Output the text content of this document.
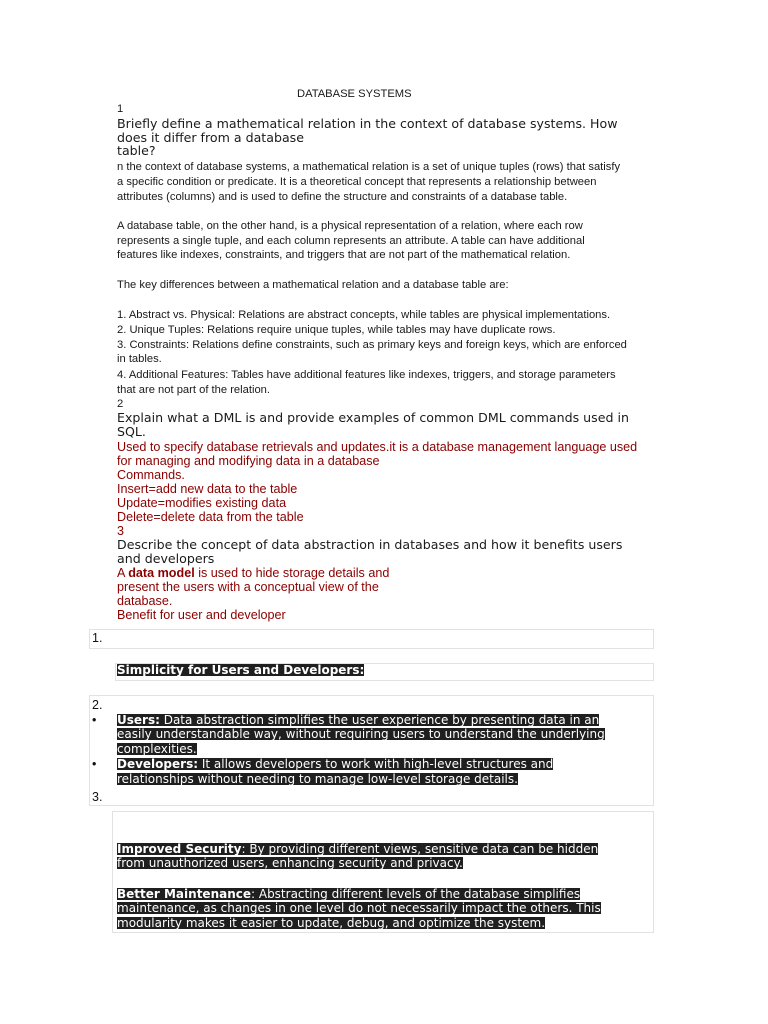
DATABASE SYSTEMS
1
Briefly define a mathematical relation in the context of database systems. How
does it differ from a database
table?
n the context of database systems, a mathematical relation is a set of unique tuples (rows) that satisfy
a specific condition or predicate. It is a theoretical concept that represents a relationship between
attributes (columns) and is used to define the structure and constraints of a database table.
A database table, on the other hand, is a physical representation of a relation, where each row
represents a single tuple, and each column represents an attribute. A table can have additional
features like indexes, constraints, and triggers that are not part of the mathematical relation.
The key differences between a mathematical relation and a database table are:
1. Abstract vs. Physical: Relations are abstract concepts, while tables are physical implementations.
2. Unique Tuples: Relations require unique tuples, while tables may have duplicate rows.
3. Constraints: Relations define constraints, such as primary keys and foreign keys, which are enforced
in tables.
4. Additional Features: Tables have additional features like indexes, triggers, and storage parameters
that are not part of the relation.
2
Explain what a DML is and provide examples of common DML commands used in
SQL.
Used to specify database retrievals and updates.it is a database management language used
for managing and modifying data in a database
Commands.
Insert=add new data to the table
Update=modifies existing data
Delete=delete data from the table
3
Describe the concept of data abstraction in databases and how it benefits users
and developers
A data model is used to hide storage details and
present the users with a conceptual view of the
database.
Benefit for user and developer
1.
Simplicity for Users and Developers:
2.
• Users: Data abstraction simplifies the user experience by presenting data in an
easily understandable way, without requiring users to understand the underlying
complexities.
• Developers: It allows developers to work with high-level structures and
relationships without needing to manage low-level storage details.
3.
Improved Security: By providing different views, sensitive data can be hidden
from unauthorized users, enhancing security and privacy.
Better Maintenance: Abstracting different levels of the database simplifies
maintenance, as changes in one level do not necessarily impact the others. This
modularity makes it easier to update, debug, and optimize the system.
